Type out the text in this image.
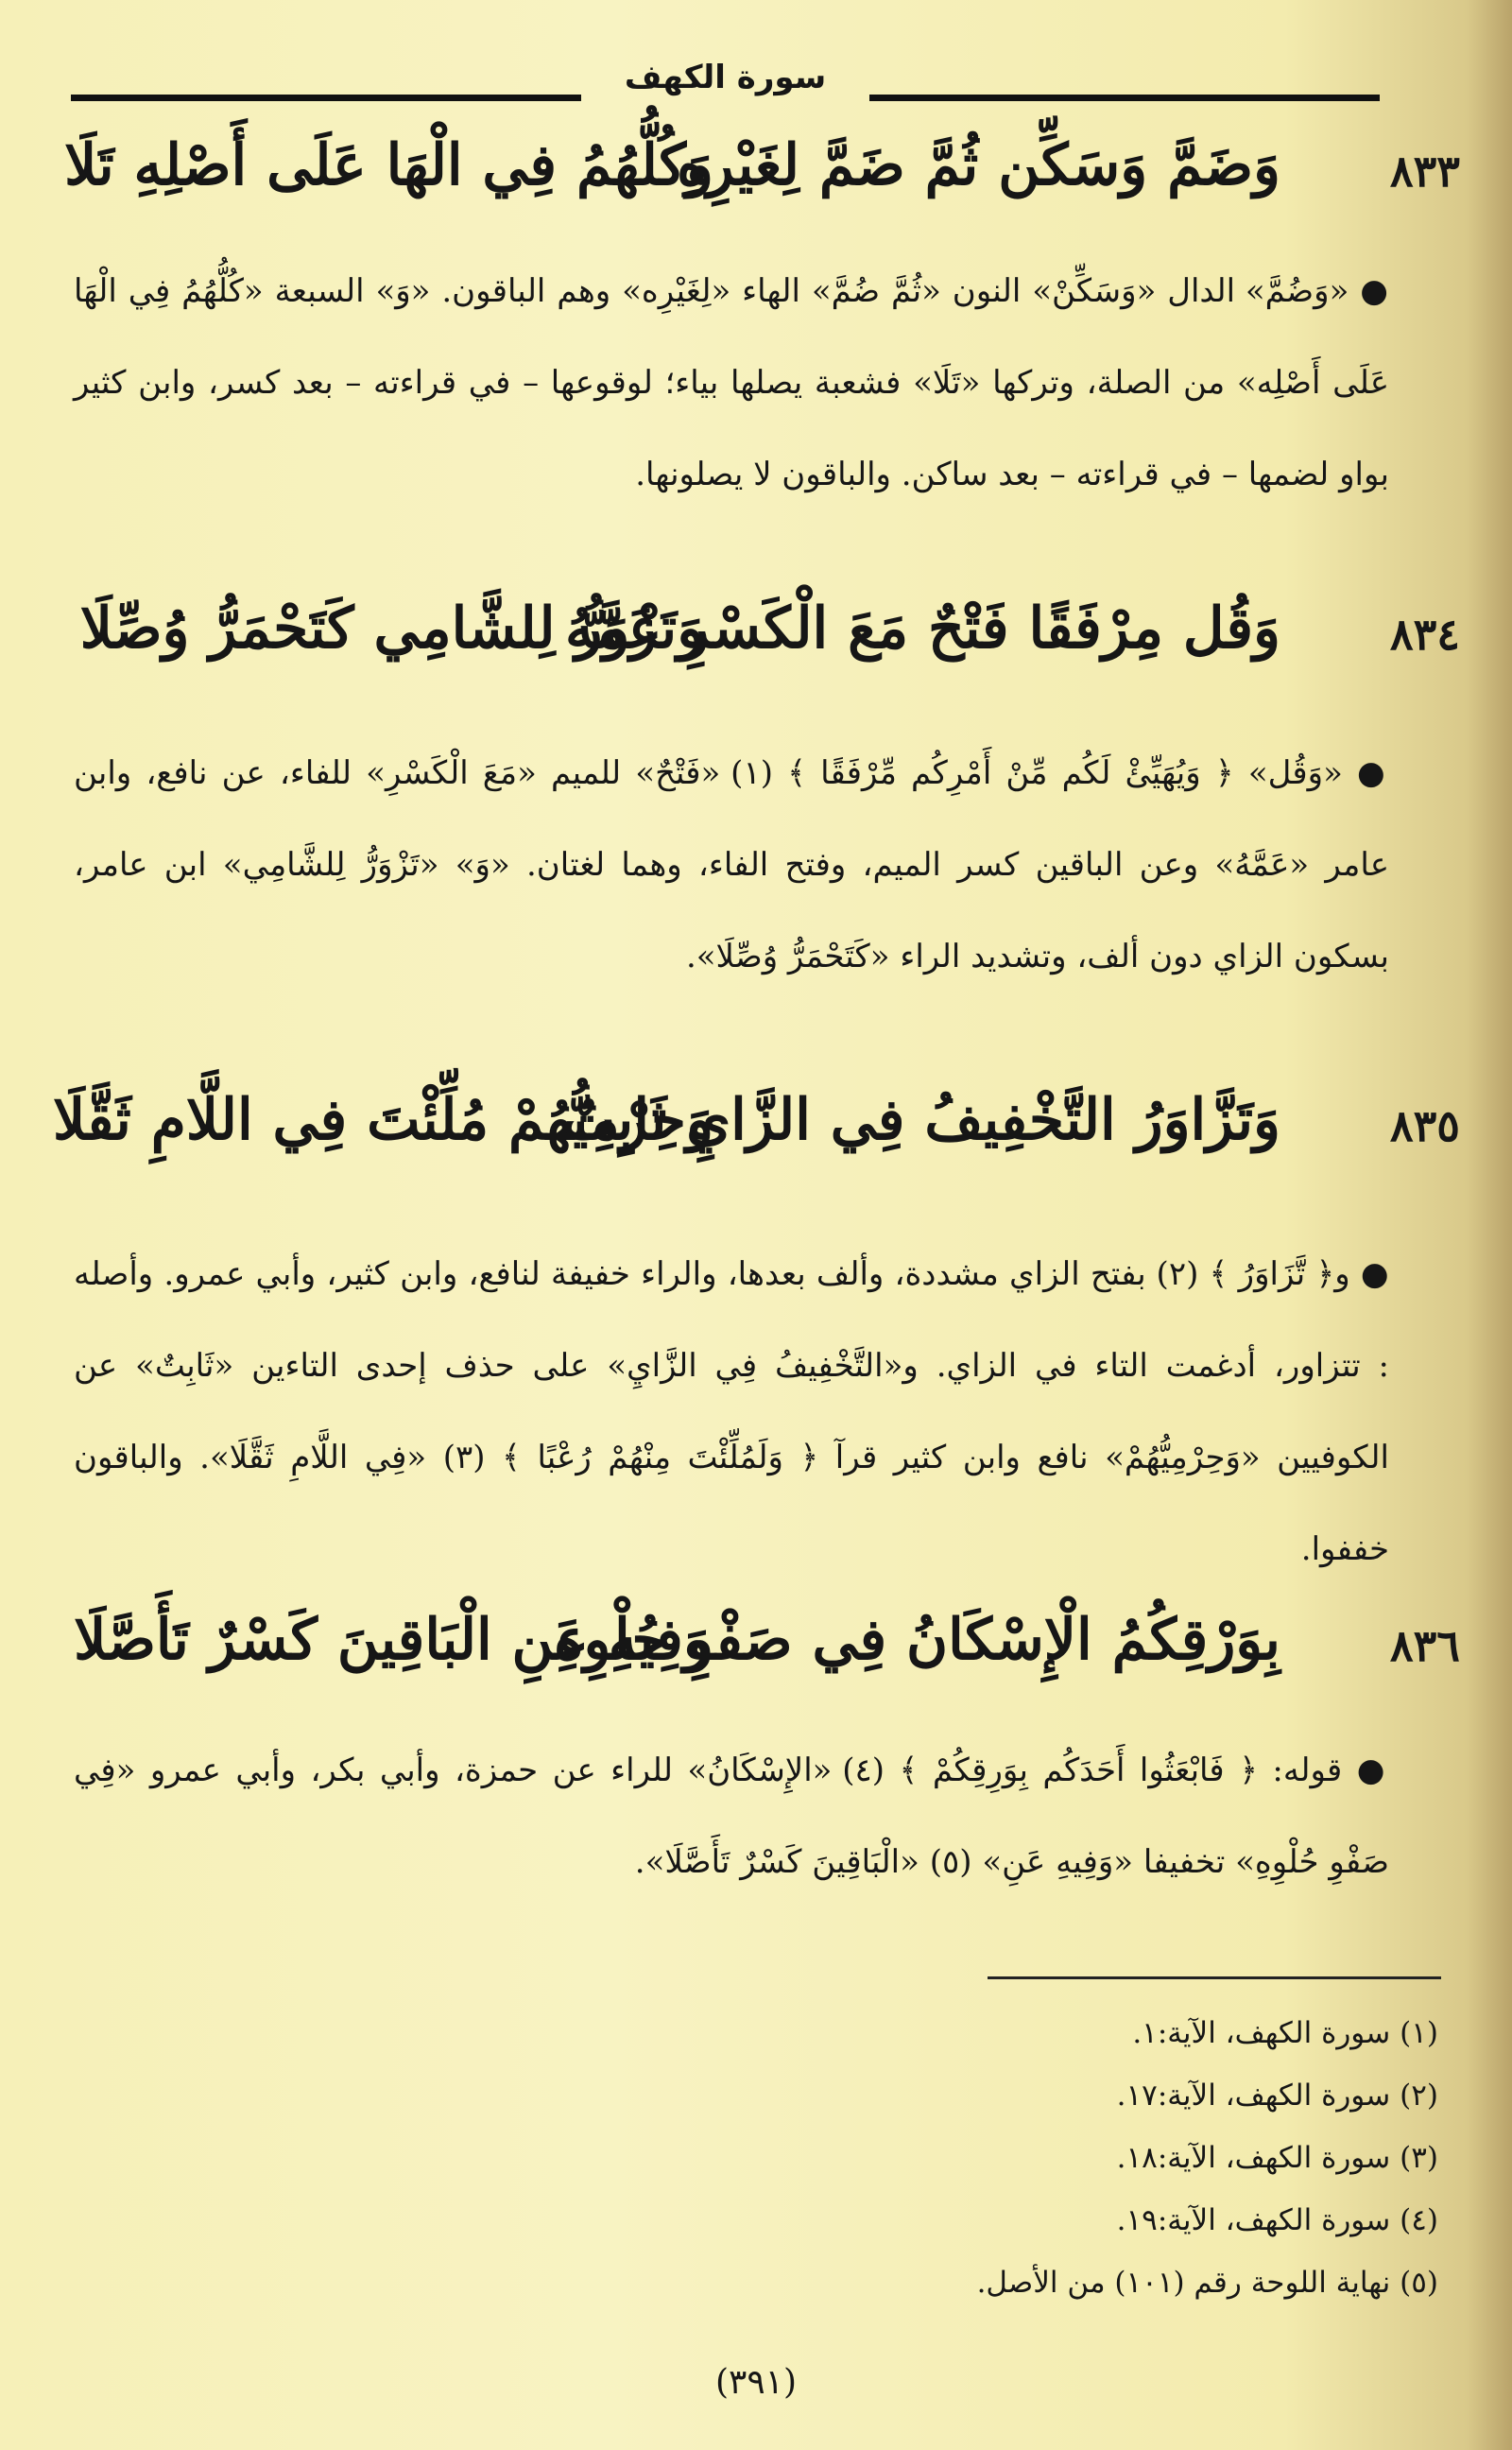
سورة الكهف
٨٣٣
وَضَمَّ وَسَكِّن ثُمَّ ضَمَّ لِغَيْرِهِ
وَكُلُّهُمُ فِي الْهَا عَلَى أَصْلِهِ تَلَا
● «وَضُمَّ» الدال «وَسَكِّنْ» النون «ثُمَّ ضُمَّ» الهاء «لِغَيْرِه» وهم الباقون. «وَ» السبعة «كُلُّهُمُ فِي الْهَا عَلَى أَصْلِه» من الصلة، وتركها «تَلَا» فشعبة يصلها بياء؛ لوقوعها – في قراءته – بعد كسر، وابن كثير بواو لضمها – في قراءته – بعد ساكن. والباقون لا يصلونها.
٨٣٤
وَقُل مِرْفَقًا فَتْحٌ مَعَ الْكَسْرِ عَمَّهُ
وَتَزْوَرُّ لِلشَّامِي كَتَحْمَرُّ وُصِّلَا
● «وَقُل» ﴿ وَيُهَيِّئْ لَكُم مِّنْ أَمْرِكُم مِّرْفَقًا ﴾ (١) «فَتْحٌ» للميم «مَعَ الْكَسْرِ» للفاء، عن نافع، وابن عامر «عَمَّهُ» وعن الباقين كسر الميم، وفتح الفاء، وهما لغتان. «وَ» «تَزْوَرُّ لِلشَّامِي» ابن عامر، بسكون الزاي دون ألف، وتشديد الراء «كَتَحْمَرُّ وُصِّلَا».
٨٣٥
وَتَزَّاوَرُ التَّخْفِيفُ فِي الزَّايِ ثَابِتٌ
وَحِرْمِيُّهُمْ مُلِّئْتَ فِي اللَّامِ ثَقَّلَا
● و﴿ تَّزَاوَرُ ﴾ (٢) بفتح الزاي مشددة، وألف بعدها، والراء خفيفة لنافع، وابن كثير، وأبي عمرو. وأصله : تتزاور، أدغمت التاء في الزاي. و«التَّخْفِيفُ فِي الزَّايِ» على حذف إحدى التاءين «ثَابِتٌ» عن الكوفيين «وَحِرْمِيُّهُمْ» نافع وابن كثير قرآ ﴿ وَلَمُلِّئْتَ مِنْهُمْ رُعْبًا ﴾ (٣) «فِي اللَّامِ ثَقَّلَا». والباقون خففوا.
٨٣٦
بِوَرْقِكُمُ الْإِسْكَانُ فِي صَفْوِ حُلْوِهِ
وَفِيهِ عَنِ الْبَاقِينَ كَسْرٌ تَأَصَّلَا
● قوله: ﴿ فَابْعَثُوا أَحَدَكُم بِوَرِقِكُمْ ﴾ (٤) «الإِسْكَانُ» للراء عن حمزة، وأبي بكر، وأبي عمرو «فِي صَفْوِ حُلْوِهِ» تخفيفا «وَفِيهِ عَنِ» (٥) «الْبَاقِينَ كَسْرٌ تَأَصَّلَا».
(١) سورة الكهف، الآية:١.
(٢) سورة الكهف، الآية:١٧.
(٣) سورة الكهف، الآية:١٨.
(٤) سورة الكهف، الآية:١٩.
(٥) نهاية اللوحة رقم (١٠١) من الأصل.
(٣٩١)
